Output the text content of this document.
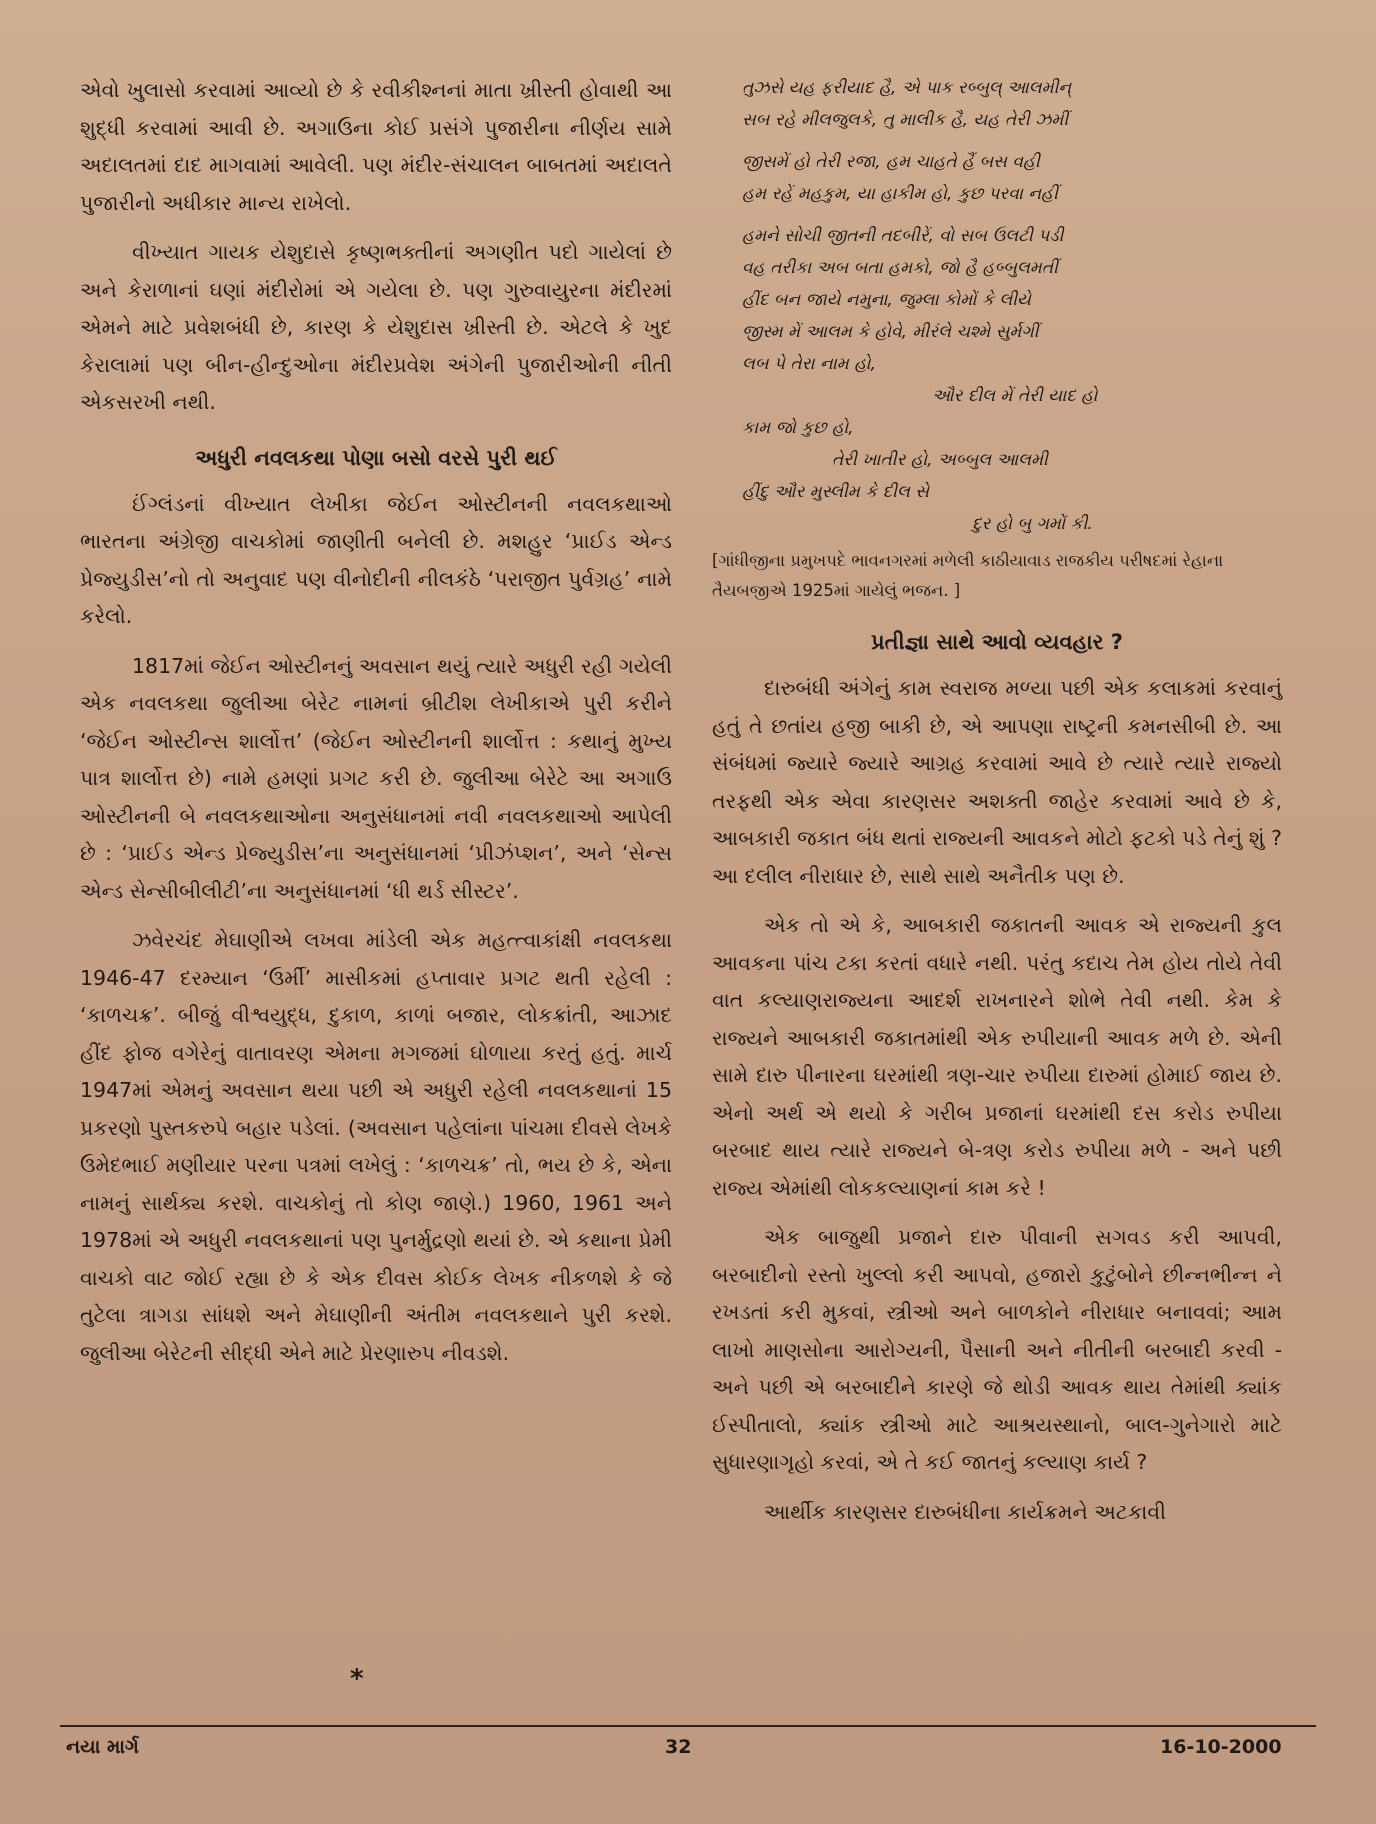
એવો ખુલાસો કરવામાં આવ્યો છે કે રવીકીશ્નનાં માતા ખ્રીસ્તી હોવાથી આ શુદ્ધી કરવામાં આવી છે. અગાઉના કોઈ પ્રસંગે પુજારીના નીર્ણય સામે અદાલતમાં દાદ માગવામાં આવેલી. પણ મંદીર-સંચાલન બાબતમાં અદાલતે પુજારીનો અધીકાર માન્ય રાખેલો.

વીખ્યાત ગાયક યેશુદાસે કૃષ્ણભક્તીનાં અગણીત પદો ગાયેલાં છે અને કેરાળાનાં ઘણાં મંદીરોમાં એ ગયેલા છે. પણ ગુરુવાયુરના મંદીરમાં એમને માટે પ્રવેશબંધી છે, કારણ કે યેશુદાસ ખ્રીસ્તી છે. એટલે કે ખુદ કેરાલામાં પણ બીન-હીન્દુઓના મંદીરપ્રવેશ અંગેની પુજારીઓની નીતી એકસરખી નથી.

અધુરી નવલકથા પોણા બસો વરસે પુરી થઈ

ઈંગ્લંડનાં વીખ્યાત લેખીકા જેઈન ઓસ્ટીનની નવલકથાઓ ભારતના અંગ્રેજી વાચકોમાં જાણીતી બનેલી છે. મશહુર ‘પ્રાઈડ એન્ડ પ્રેજ્યુડીસ’નો તો અનુવાદ પણ વીનોદીની નીલકંઠે ‘પરાજીત પુર્વગ્રહ’ નામે કરેલો.

1817માં જેઈન ઓસ્ટીનનું અવસાન થયું ત્યારે અધુરી રહી ગયેલી એક નવલકથા જુલીઆ બેરેટ નામનાં બ્રીટીશ લેખીકાએ પુરી કરીને ‘જેઈન ઓસ્ટીન્સ શાર્લોત્ત’ (જેઈન ઓસ્ટીનની શાર્લોત્ત : કથાનું મુખ્ય પાત્ર શાર્લોત્ત છે) નામે હમણાં પ્રગટ કરી છે. જુલીઆ બેરેટે આ અગાઉ ઓસ્ટીનની બે નવલકથાઓના અનુસંધાનમાં નવી નવલકથાઓ આપેલી છે : ‘પ્રાઈડ એન્ડ પ્રેજ્યુડીસ’ના અનુસંધાનમાં ‘પ્રીઝંપ્શન’, અને ‘સેન્સ એન્ડ સેન્સીબીલીટી’ના અનુસંધાનમાં ‘ધી થર્ડ સીસ્ટર’.

ઝવેરચંદ મેઘાણીએ લખવા માંડેલી એક મહત્ત્વાકાંક્ષી નવલકથા 1946-47 દરમ્યાન ‘ઉર્મી’ માસીકમાં હપ્તાવાર પ્રગટ થતી રહેલી : ‘કાળચક્ર’. બીજું વીશ્વયુદ્ધ, દુકાળ, કાળાં બજાર, લોકક્રાંતી, આઝાદ હીંદ ફોજ વગેરેનું વાતાવરણ એમના મગજમાં ઘોળાયા કરતું હતું. માર્ચ 1947માં એમનું અવસાન થયા પછી એ અધુરી રહેલી નવલકથાનાં 15 પ્રકરણો પુસ્તકરુપે બહાર પડેલાં. (અવસાન પહેલાંના પાંચમા દીવસે લેખકે ઉમેદભાઈ મણીયાર પરના પત્રમાં લખેલું : ‘કાળચક્ર’ તો, ભય છે કે, એના નામનું સાર્થક્ય કરશે. વાચકોનું તો કોણ જાણે.) 1960, 1961 અને 1978માં એ અધુરી નવલકથાનાં પણ પુનર્મુદ્રણો થયાં છે. એ કથાના પ્રેમી વાચકો વાટ જોઈ રહ્યા છે કે એક દીવસ કોઈક લેખક નીકળશે કે જે તુટેલા ત્રાગડા સાંધશે અને મેઘાણીની અંતીમ નવલકથાને પુરી કરશે. જુલીઆ બેરેટની સીદ્ધી એને માટે પ્રેરણારુપ નીવડશે.

*
તુઝસે યહ ફરીયાદ હૈ, એ પાક રબ્બુલ્ આલમીન્
સબ રહે મીલજુલકે, તુ માલીક હૈ, યહ તેરી ઝમીં
જીસમેં હો તેરી રજા, હમ ચાહતે હૈં બસ વહી
હમ રહેં મહકુમ, યા હાકીમ હો, કુછ પરવા નહીં
હમને સોચી જીતની તદબીરેં, વો સબ ઉલટી પડી
વહ તરીકા અબ બતા હમકો, જો હૈ હબ્બુલમતીં
હીંદ બન જાયે નમુના, જુમ્લા કોમોં કે લીયે
જીસ્મ મેં આલમ કે હોવે, મીરંલે ચશ્મે સુર્મગીં
લબ પે તેરા નામ હો,
ઔર દીલ મેં તેરી યાદ હો
કામ જો કુછ હો,
તેરી ખાતીર હો, અબ્બુલ આલમી
હીંદુ ઔર મુસ્લીમ કે દીલ સે
દુર હો બુ ગમોં કી.

[ગાંધીજીના પ્રમુખપદે ભાવનગરમાં મળેલી કાઠીયાવાડ રાજકીય પરીષદમાં રેહાના તૈયબજીએ 1925માં ગાયેલું ભજન. ]

પ્રતીજ્ઞા સાથે આવો વ્યવહાર ?

દારુબંધી અંગેનું કામ સ્વરાજ મળ્યા પછી એક કલાકમાં કરવાનું હતું તે છતાંય હજી બાકી છે, એ આપણા રાષ્ટ્રની કમનસીબી છે. આ સંબંધમાં જ્યારે જ્યારે આગ્રહ કરવામાં આવે છે ત્યારે ત્યારે રાજ્યો તરફથી એક એવા કારણસર અશક્તી જાહેર કરવામાં આવે છે કે, આબકારી જકાત બંધ થતાં રાજ્યની આવકને મોટો ફટકો પડે તેનું શું ? આ દલીલ નીરાધાર છે, સાથે સાથે અનૈતીક પણ છે.

એક તો એ કે, આબકારી જકાતની આવક એ રાજ્યની કુલ આવકના પાંચ ટકા કરતાં વધારે નથી. પરંતુ કદાચ તેમ હોય તોયે તેવી વાત કલ્યાણરાજ્યના આદર્શ રાખનારને શોભે તેવી નથી. કેમ કે રાજ્યને આબકારી જકાતમાંથી એક રુપીયાની આવક મળે છે. એની સામે દારુ પીનારના ઘરમાંથી ત્રણ-ચાર રુપીયા દારુમાં હોમાઈ જાય છે. એનો અર્થ એ થયો કે ગરીબ પ્રજાનાં ઘરમાંથી દસ કરોડ રુપીયા બરબાદ થાય ત્યારે રાજ્યને બે-ત્રણ કરોડ રુપીયા મળે - અને પછી રાજ્ય એમાંથી લોકકલ્યાણનાં કામ કરે !

એક બાજુથી પ્રજાને દારુ પીવાની સગવડ કરી આપવી, બરબાદીનો રસ્તો ખુલ્લો કરી આપવો, હજારો કુટુંબોને છીન્નભીન્ન ને રખડતાં કરી મુકવાં, સ્ત્રીઓ અને બાળકોને નીરાધાર બનાવવાં; આમ લાખો માણસોના આરોગ્યની, પૈસાની અને નીતીની બરબાદી કરવી - અને પછી એ બરબાદીને કારણે જે થોડી આવક થાય તેમાંથી ક્યાંક ઈસ્પીતાલો, ક્યાંક સ્ત્રીઓ માટે આશ્રયસ્થાનો, બાલ-ગુનેગારો માટે સુધારણાગૃહો કરવાં, એ તે કઈ જાતનું કલ્યાણ કાર્ય ?

આર્થીક કારણસર દારુબંધીના કાર્યક્રમને અટકાવી

નયા માર્ગ	32	16-10-2000
